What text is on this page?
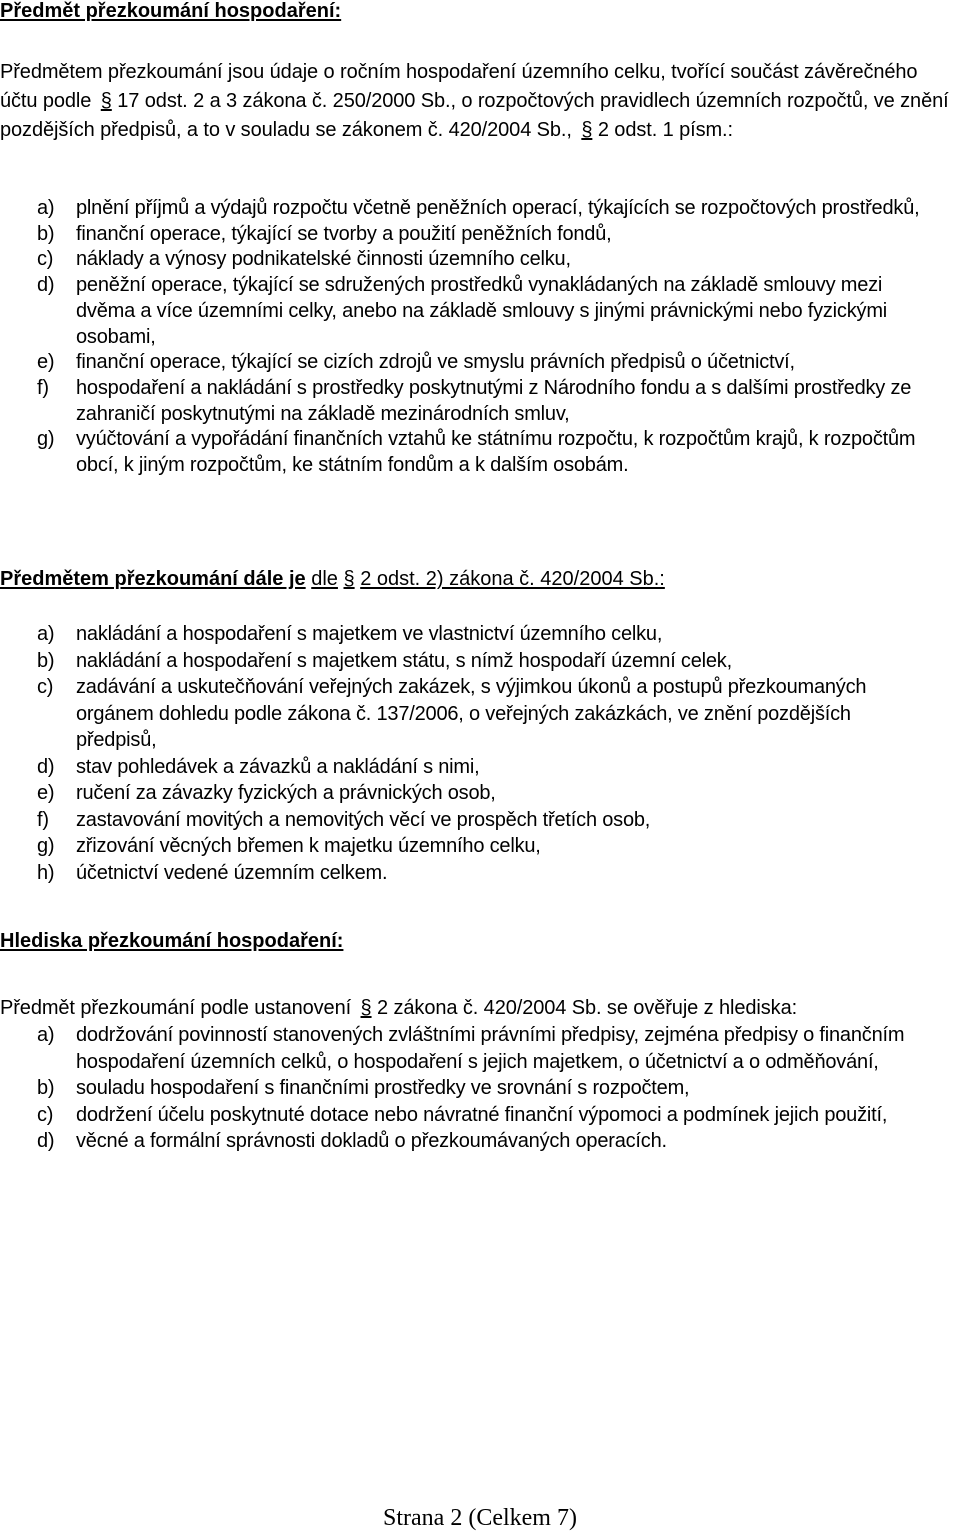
Předmět přezkoumání hospodaření:

Předmětem přezkoumání jsou údaje o ročním hospodaření územního celku, tvořící součást závěrečného účtu podle § 17 odst. 2 a 3 zákona č. 250/2000 Sb., o rozpočtových pravidlech územních rozpočtů, ve znění pozdějších předpisů, a to v souladu se zákonem č. 420/2004 Sb., § 2 odst. 1 písm.:

a) plnění příjmů a výdajů rozpočtu včetně peněžních operací, týkajících se rozpočtových prostředků,
b) finanční operace, týkající se tvorby a použití peněžních fondů,
c) náklady a výnosy podnikatelské činnosti územního celku,
d) peněžní operace, týkající se sdružených prostředků vynakládaných na základě smlouvy mezi dvěma a více územními celky, anebo na základě smlouvy s jinými právnickými nebo fyzickými osobami,
e) finanční operace, týkající se cizích zdrojů ve smyslu právních předpisů o účetnictví,
f) hospodaření a nakládání s prostředky poskytnutými z Národního fondu a s dalšími prostředky ze zahraničí poskytnutými na základě mezinárodních smluv,
g) vyúčtování a vypořádání finančních vztahů ke státnímu rozpočtu, k rozpočtům krajů, k rozpočtům obcí, k jiným rozpočtům, ke státním fondům a k dalším osobám.

Předmětem přezkoumání dále je dle § 2 odst. 2) zákona č. 420/2004 Sb.:

a) nakládání a hospodaření s majetkem ve vlastnictví územního celku,
b) nakládání a hospodaření s majetkem státu, s nímž hospodaří územní celek,
c) zadávání a uskutečňování veřejných zakázek, s výjimkou úkonů a postupů přezkoumaných orgánem dohledu podle zákona č. 137/2006, o veřejných zakázkách, ve znění pozdějších předpisů,
d) stav pohledávek a závazků a nakládání s nimi,
e) ručení za závazky fyzických a právnických osob,
f) zastavování movitých a nemovitých věcí ve prospěch třetích osob,
g) zřizování věcných břemen k majetku územního celku,
h) účetnictví vedené územním celkem.
Hlediska přezkoumání hospodaření:

Předmět přezkoumání podle ustanovení § 2 zákona č. 420/2004 Sb. se ověřuje z hlediska:

a) dodržování povinností stanovených zvláštními právními předpisy, zejména předpisy o finančním hospodaření územních celků, o hospodaření s jejich majetkem, o účetnictví a o odměňování,
b) souladu hospodaření s finančními prostředky ve srovnání s rozpočtem,
c) dodržení účelu poskytnuté dotace nebo návratné finanční výpomoci a podmínek jejich použití,
d) věcné a formální správnosti dokladů o přezkoumávaných operacích.
Strana 2 (Celkem 7)
